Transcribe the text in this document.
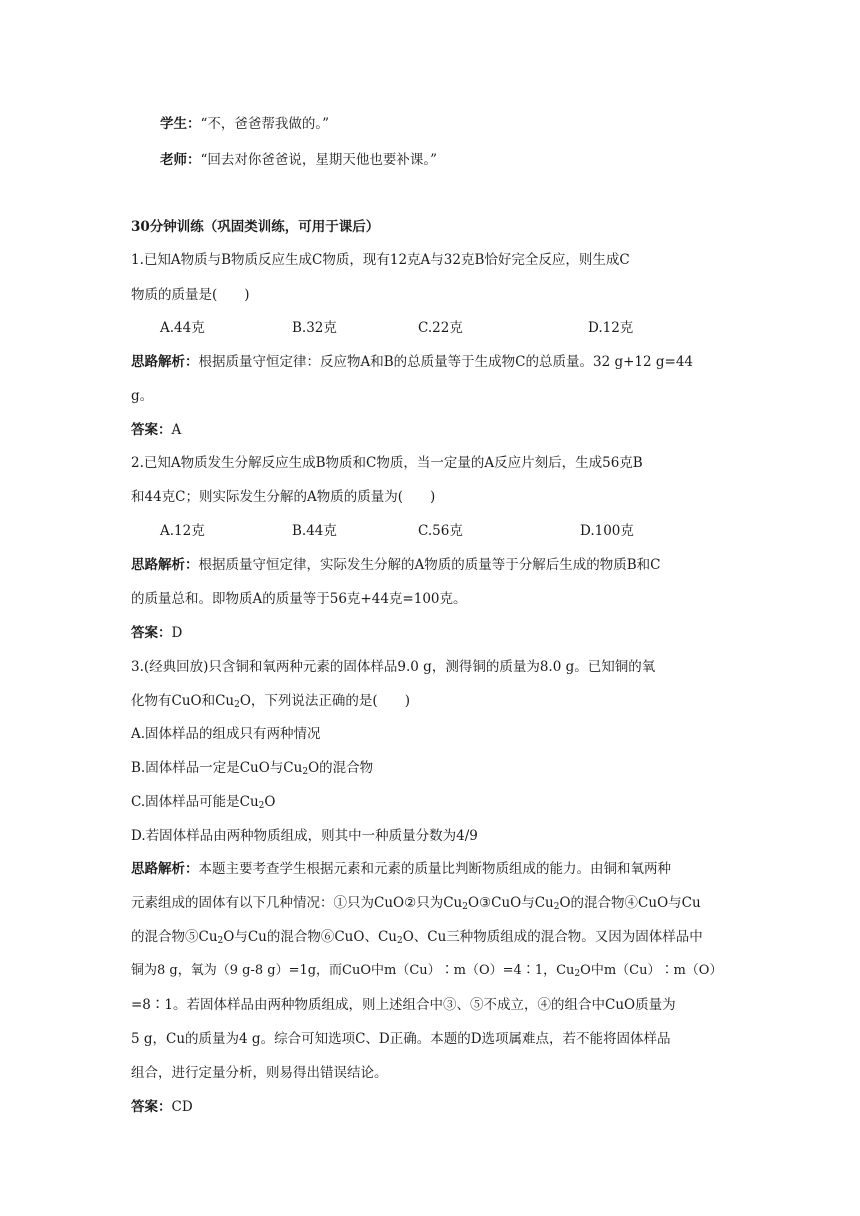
学生：“不，爸爸帮我做的。”
老师：“回去对你爸爸说，星期天他也要补课。”
30分钟训练（巩固类训练，可用于课后）
1.已知A物质与B物质反应生成C物质，现有12克A与32克B恰好完全反应，则生成C
物质的质量是(　　)
A.44克	B.32克	C.22克	D.12克
思路解析：根据质量守恒定律：反应物A和B的总质量等于生成物C的总质量。32 g+12 g=44
g。
答案：A
2.已知A物质发生分解反应生成B物质和C物质，当一定量的A反应片刻后，生成56克B
和44克C；则实际发生分解的A物质的质量为(　　)
A.12克	B.44克	C.56克	D.100克
思路解析：根据质量守恒定律，实际发生分解的A物质的质量等于分解后生成的物质B和C
的质量总和。即物质A的质量等于56克+44克=100克。
答案：D
3.(经典回放)只含铜和氧两种元素的固体样品9.0 g，测得铜的质量为8.0 g。已知铜的氧
化物有CuO和$Cu_2O$，下列说法正确的是(　　)
A.固体样品的组成只有两种情况
B.固体样品一定是CuO与$Cu_2O$的混合物
C.固体样品可能是$Cu_2O$
D.若固体样品由两种物质组成，则其中一种质量分数为4/9
思路解析：本题主要考查学生根据元素和元素的质量比判断物质组成的能力。由铜和氧两种
元素组成的固体有以下几种情况：①只为CuO②只为$Cu_2O③CuO$与$Cu_2O$的混合物④CuO与Cu
的混合物$⑤Cu_2O$与Cu的混合物⑥CuO、$Cu_2O$、Cu三种物质组成的混合物。又因为固体样品中
铜为8 g，氧为（9 g-8 g）=1g，而CuO中m（Cu）∶m（O）=4∶1，$Cu_2O$中m（Cu）∶m（O）
=8∶1。若固体样品由两种物质组成，则上述组合中③、⑤不成立，④的组合中CuO质量为
5 g，Cu的质量为4 g。综合可知选项C、D正确。本题的D选项属难点，若不能将固体样品
组合，进行定量分析，则易得出错误结论。
答案：CD
